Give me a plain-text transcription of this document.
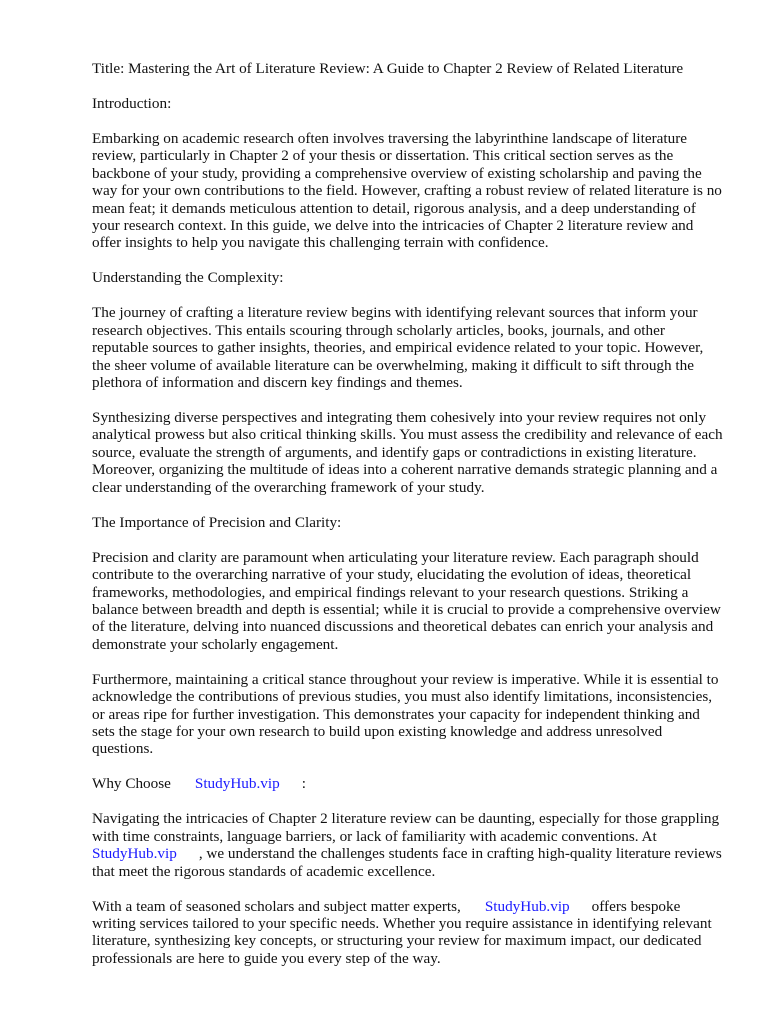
Title: Mastering the Art of Literature Review: A Guide to Chapter 2 Review of Related Literature

Introduction:

Embarking on academic research often involves traversing the labyrinthine landscape of literature review, particularly in Chapter 2 of your thesis or dissertation. This critical section serves as the backbone of your study, providing a comprehensive overview of existing scholarship and paving the way for your own contributions to the field. However, crafting a robust review of related literature is no mean feat; it demands meticulous attention to detail, rigorous analysis, and a deep understanding of your research context. In this guide, we delve into the intricacies of Chapter 2 literature review and offer insights to help you navigate this challenging terrain with confidence.

Understanding the Complexity:

The journey of crafting a literature review begins with identifying relevant sources that inform your research objectives. This entails scouring through scholarly articles, books, journals, and other reputable sources to gather insights, theories, and empirical evidence related to your topic. However, the sheer volume of available literature can be overwhelming, making it difficult to sift through the plethora of information and discern key findings and themes.

Synthesizing diverse perspectives and integrating them cohesively into your review requires not only analytical prowess but also critical thinking skills. You must assess the credibility and relevance of each source, evaluate the strength of arguments, and identify gaps or contradictions in existing literature. Moreover, organizing the multitude of ideas into a coherent narrative demands strategic planning and a clear understanding of the overarching framework of your study.

The Importance of Precision and Clarity:

Precision and clarity are paramount when articulating your literature review. Each paragraph should contribute to the overarching narrative of your study, elucidating the evolution of ideas, theoretical frameworks, methodologies, and empirical findings relevant to your research questions. Striking a balance between breadth and depth is essential; while it is crucial to provide a comprehensive overview of the literature, delving into nuanced discussions and theoretical debates can enrich your analysis and demonstrate your scholarly engagement.

Furthermore, maintaining a critical stance throughout your review is imperative. While it is essential to acknowledge the contributions of previous studies, you must also identify limitations, inconsistencies, or areas ripe for further investigation. This demonstrates your capacity for independent thinking and sets the stage for your own research to build upon existing knowledge and address unresolved questions.

Why Choose StudyHub.vip :

Navigating the intricacies of Chapter 2 literature review can be daunting, especially for those grappling with time constraints, language barriers, or lack of familiarity with academic conventions. AtStudyHub.vip , we understand the challenges students face in crafting high-quality literature reviews that meet the rigorous standards of academic excellence.

With a team of seasoned scholars and subject matter experts, StudyHub.vip offers bespoke writing services tailored to your specific needs. Whether you require assistance in identifying relevant literature, synthesizing key concepts, or structuring your review for maximum impact, our dedicated professionals are here to guide you every step of the way.
